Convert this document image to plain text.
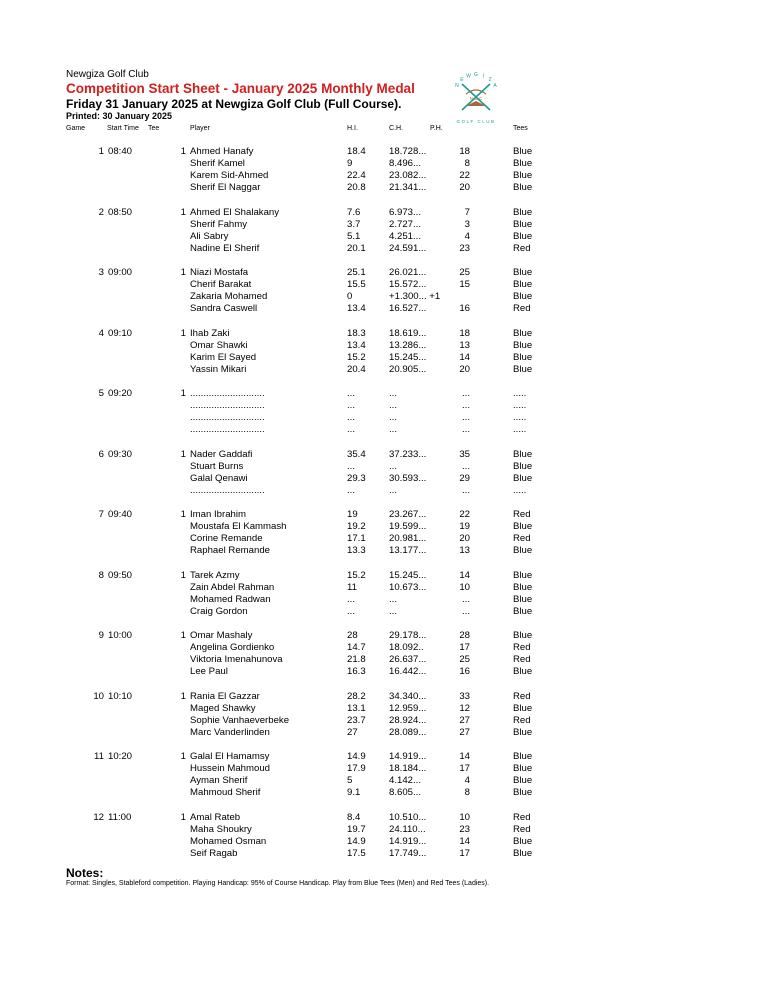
Newgiza Golf Club
Competition Start Sheet - January 2025 Monthly Medal
Friday 31 January 2025 at Newgiza Golf Club (Full Course).
Printed: 30 January 2025
N
E
W G I
Z
A
N G C
GOLF CLUB
Game	Start Time Tee	Player	H.I.	C.H.	P.H.	Tees
1 08:40	1 Ahmed Hanafy	18.4 18.728...	18	Blue
Sherif Kamel	9	8.496...	8	Blue
Karem Sid-Ahmed	22.4 23.082...	22	Blue
Sherif El Naggar	20.8 21.341...	20	Blue
2 08:50	1 Ahmed El Shalakany	7.6	6.973...	7	Blue
Sherif Fahmy	3.7	2.727...	3	Blue
Ali Sabry	5.1	4.251...	4	Blue
Nadine El Sherif	20.1 24.591...	23	Red
3 09:00	1 Niazi Mostafa	25.1 26.021...	25	Blue
Cherif Barakat	15.5 15.572...	15	Blue
Zakaria Mohamed	0	+1.300... +1	Blue
Sandra Caswell	13.4 16.527...	16	Red
4 09:10	1 Ihab Zaki	18.3 18.619...	18	Blue
Omar Shawki	13.4 13.286...	13	Blue
Karim El Sayed	15.2 15.245...	14	Blue
Yassin Mikari	20.4 20.905...	20	Blue
5 09:20	1 ............................	...	...	...	.....
............................	...	...	...	.....
............................	...	...	...	.....
............................	...	...	...	.....
6 09:30	1 Nader Gaddafi	35.4 37.233...	35	Blue
Stuart Burns	...	...	...	Blue
Galal Qenawi	29.3 30.593...	29	Blue
............................	...	...	...	.....
7 09:40	1 Iman Ibrahim	19	23.267...	22	Red
Moustafa El Kammash	19.2 19.599...	19	Blue
Corine Remande	17.1 20.981...	20	Red
Raphael Remande	13.3 13.177...	13	Blue
8 09:50	1 Tarek Azmy	15.2 15.245...	14	Blue
Zain Abdel Rahman	11	10.673...	10	Blue
Mohamed Radwan	...	...	...	Blue
Craig Gordon	...	...	...	Blue
9 10:00	1 Omar Mashaly	28	29.178...	28	Blue
Angelina Gordienko	14.7 18.092..	17	Red
Viktoria Imenahunova	21.8 26.637...	25	Red
Lee Paul	16.3 16.442...	16	Blue
10 10:10	1 Rania El Gazzar	28.2 34.340...	33	Red
Maged Shawky	13.1 12.959...	12	Blue
Sophie Vanhaeverbeke	23.7 28.924...	27	Red
Marc Vanderlinden	27	28.089...	27	Blue
11 10:20	1 Galal El Hamamsy	14.9 14.919...	14	Blue
Hussein Mahmoud	17.9 18.184...	17	Blue
Ayman Sherif	5	4.142...	4	Blue
Mahmoud Sherif	9.1	8.605...	8	Blue
12 11:00	1 Amal Rateb	8.4	10.510...	10	Red
Maha Shoukry	19.7 24.110...	23	Red
Mohamed Osman	14.9 14.919...	14	Blue
Seif Ragab	17.5 17.749...	17	Blue
Notes:
Format: Singles, Stableford competition. Playing Handicap: 95% of Course Handicap. Play from Blue Tees (Men) and Red Tees (Ladies).
